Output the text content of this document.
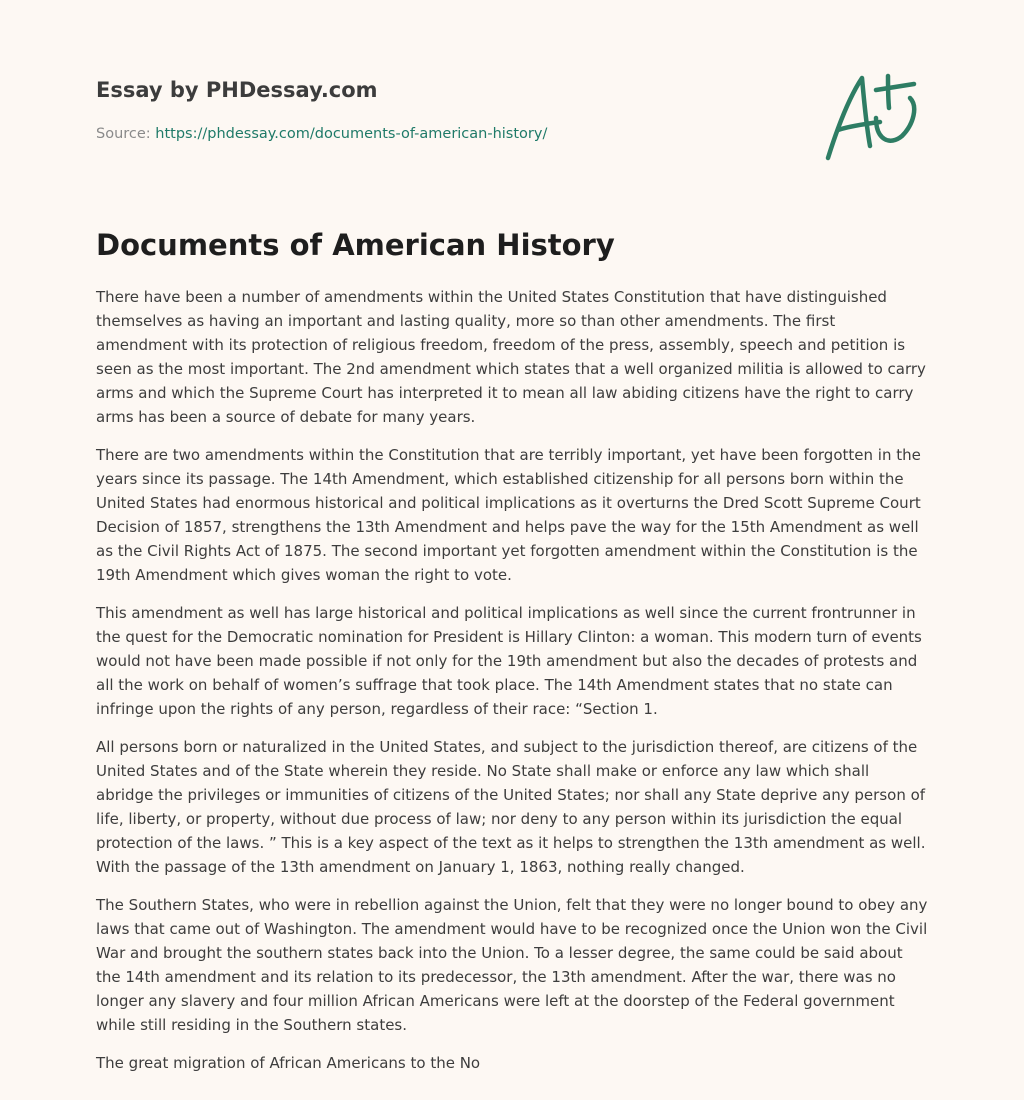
Essay by PHDessay.com
Source: https://phdessay.com/documents-of-american-history/
Documents of American History

There have been a number of amendments within the United States Constitution that have distinguished themselves as having an important and lasting quality, more so than other amendments. The first amendment with its protection of religious freedom, freedom of the press, assembly, speech and petition is seen as the most important. The 2nd amendment which states that a well organized militia is allowed to carry arms and which the Supreme Court has interpreted it to mean all law abiding citizens have the right to carry arms has been a source of debate for many years.

There are two amendments within the Constitution that are terribly important, yet have been forgotten in the years since its passage. The 14th Amendment, which established citizenship for all persons born within the United States had enormous historical and political implications as it overturns the Dred Scott Supreme Court Decision of 1857, strengthens the 13th Amendment and helps pave the way for the 15th Amendment as well as the Civil Rights Act of 1875. The second important yet forgotten amendment within the Constitution is the 19th Amendment which gives woman the right to vote.

This amendment as well has large historical and political implications as well since the current frontrunner in the quest for the Democratic nomination for President is Hillary Clinton: a woman. This modern turn of events would not have been made possible if not only for the 19th amendment but also the decades of protests and all the work on behalf of women’s suffrage that took place. The 14th Amendment states that no state can infringe upon the rights of any person, regardless of their race: “Section 1.

All persons born or naturalized in the United States, and subject to the jurisdiction thereof, are citizens of the United States and of the State wherein they reside. No State shall make or enforce any law which shall abridge the privileges or immunities of citizens of the United States; nor shall any State deprive any person of life, liberty, or property, without due process of law; nor deny to any person within its jurisdiction the equal protection of the laws. ” This is a key aspect of the text as it helps to strengthen the 13th amendment as well. With the passage of the 13th amendment on January 1, 1863, nothing really changed.

The Southern States, who were in rebellion against the Union, felt that they were no longer bound to obey any laws that came out of Washington. The amendment would have to be recognized once the Union won the Civil War and brought the southern states back into the Union. To a lesser degree, the same could be said about the 14th amendment and its relation to its predecessor, the 13th amendment. After the war, there was no longer any slavery and four million African Americans were left at the doorstep of the Federal government while still residing in the Southern states.

The great migration of African Americans to the No
